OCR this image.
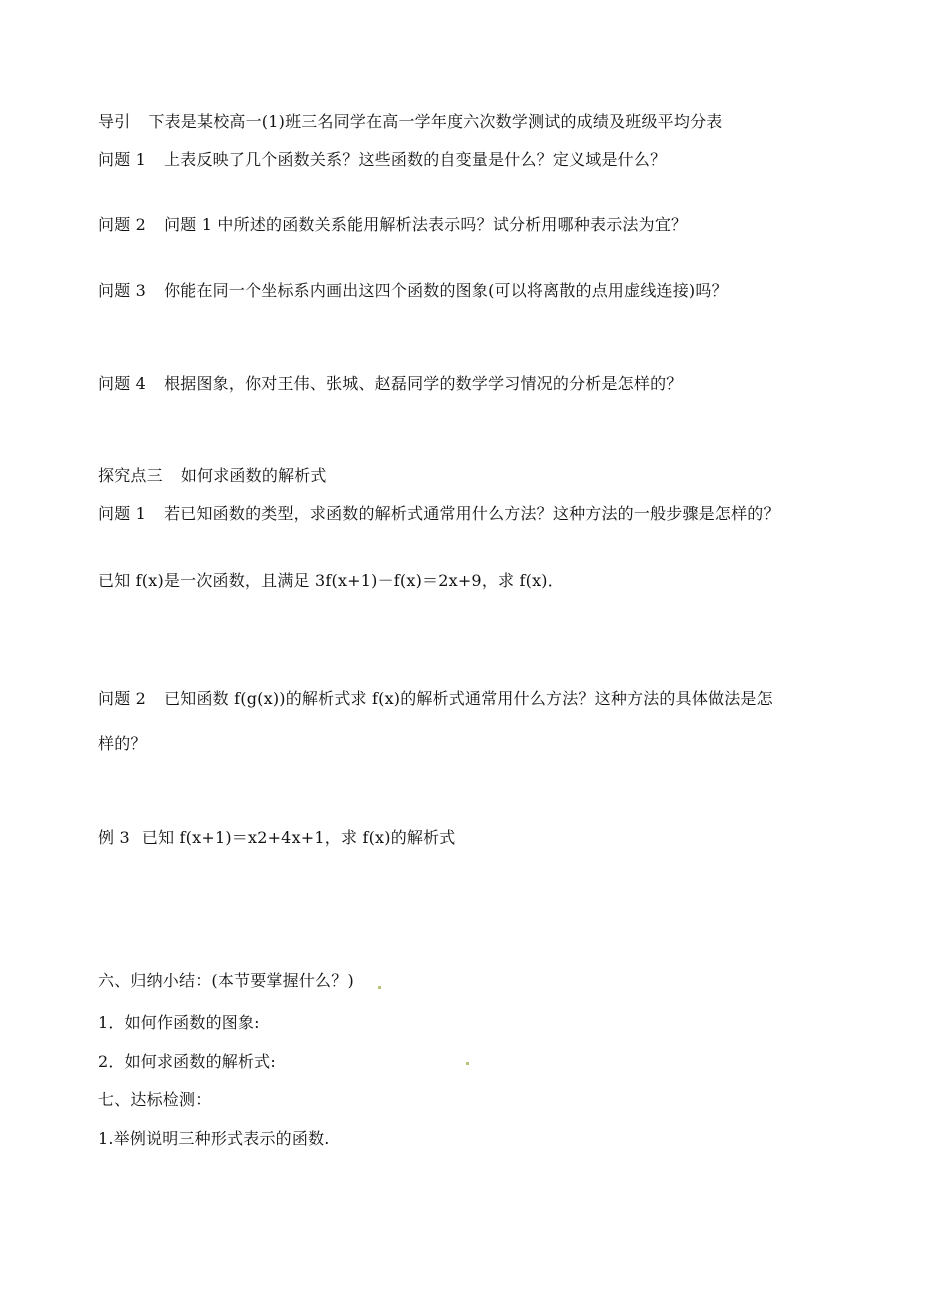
导引 下表是某校高一(1)班三名同学在高一学年度六次数学测试的成绩及班级平均分表
问题 1 上表反映了几个函数关系？这些函数的自变量是什么？定义域是什么？
问题 2 问题 1 中所述的函数关系能用解析法表示吗？试分析用哪种表示法为宜？
问题 3 你能在同一个坐标系内画出这四个函数的图象(可以将离散的点用虚线连接)吗？
问题 4 根据图象，你对王伟、张城、赵磊同学的数学学习情况的分析是怎样的？
探究点三 如何求函数的解析式
问题 1 若已知函数的类型，求函数的解析式通常用什么方法？这种方法的一般步骤是怎样的？
已知 f(x)是一次函数，且满足 3f(x+1)－f(x)＝2x+9，求 f(x)．
问题 2 已知函数 f(g(x))的解析式求 f(x)的解析式通常用什么方法？这种方法的具体做法是怎
样的？
例 3 已知 f(x+1)＝x2+4x+1，求 f(x)的解析式
六、归纳小结：(本节要掌握什么？)
1．如何作函数的图象:
2．如何求函数的解析式:
七、达标检测：
1.举例说明三种形式表示的函数.
